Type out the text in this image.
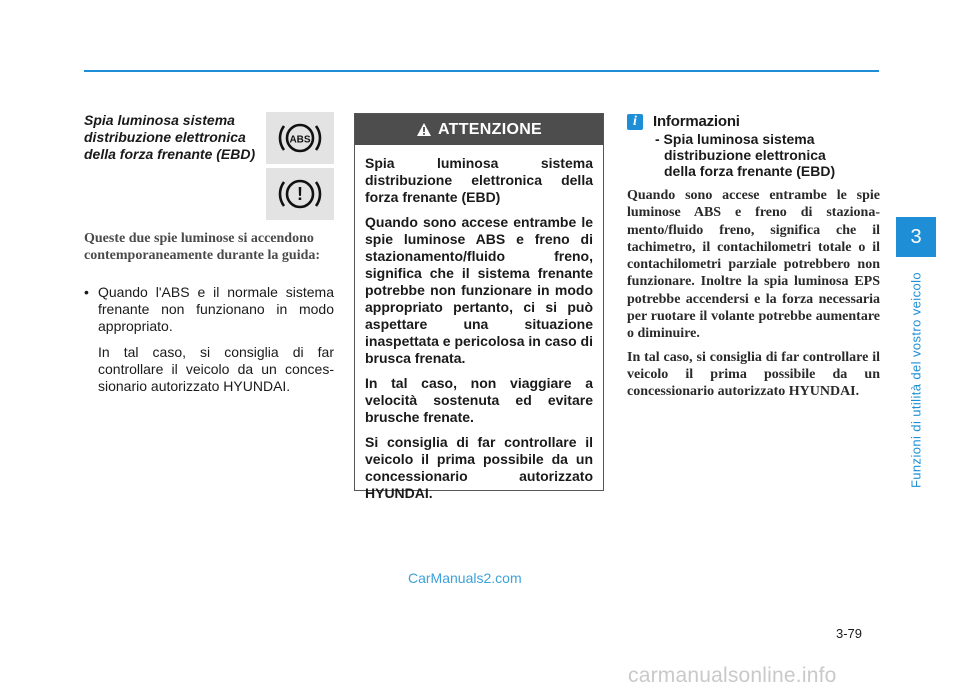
Spia luminosa sistema distribuzione elettronica della forza frenante (EBD)
ABS
!
Queste due spie luminose si accendono contemporaneamente durante la guida:
• Quando l'ABS e il normale sistema frenante non funzionano in modo appropriato.
In tal caso, si consiglia di far controllare il veicolo da un conces- sionario autorizzato HYUNDAI.
ATTENZIONE

Spia luminosa sistema distribuzione elettronica della forza frenante (EBD)

Quando sono accese entrambe le spie luminose ABS e freno di stazionamento/fluido freno, significa che il sistema frenante potrebbe non funzionare in modo appropriato pertanto, ci si può aspettare una situazione inaspettata e pericolosa in caso di brusca frenata.

In tal caso, non viaggiare a velocità sostenuta ed evitare brusche frenate.

Si consiglia di far controllare il veicolo il prima possibile da un concessionario autorizzato HYUNDAI.

i	Informazioni
- Spia luminosa sistema
distribuzione elettronica
della forza frenante (EBD)

Quando sono accese entrambe le spie luminose ABS e freno di staziona- mento/fluido freno, significa che il tachimetro, il contachilometri totale o il contachilometri parziale potrebbero non funzionare. Inoltre la spia luminosa EPS potrebbe accendersi e la forza necessaria per ruotare il volante potrebbe aumentare o diminuire.

In tal caso, si consiglia di far controllare il veicolo il prima possibile da un concessionario autorizzato HYUNDAI.

3
Funzioni di utilità del vostro veicolo
3-79
CarManuals2.com
carmanualsonline.info
